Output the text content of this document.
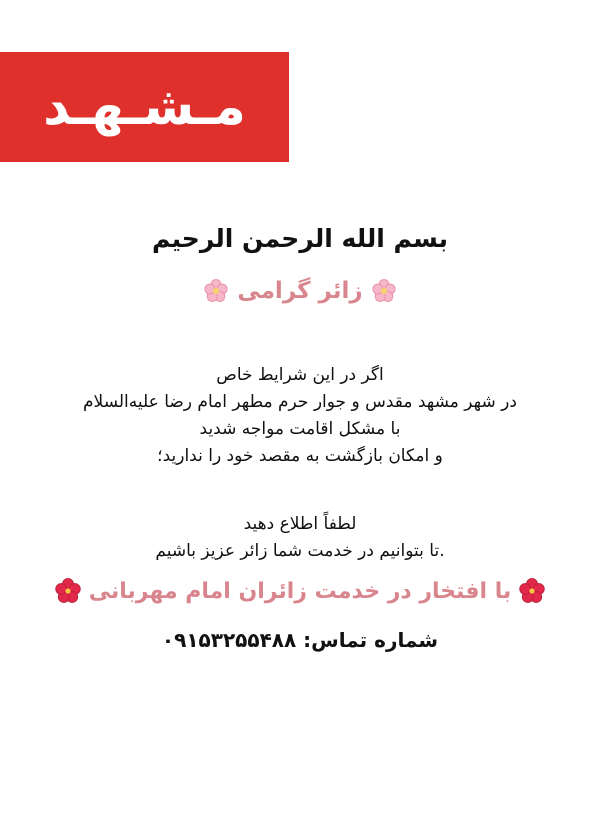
مـشـهـد
بسم الله الرحمن الرحیم
زائر گرامی
اگر در این شرایط خاص
در شهر مشهد مقدس و جوار حرم مطهر امام رضا علیه‌السلام
با مشکل اقامت مواجه شدید
و امکان بازگشت به مقصد خود را ندارید؛
لطفاً اطلاع دهید
.تا بتوانیم در خدمت شما زائر عزیز باشیم
با افتخار در خدمت زائران امام مهربانی
شماره تماس: ۰۹۱۵۳۲۵۵۴۸۸
